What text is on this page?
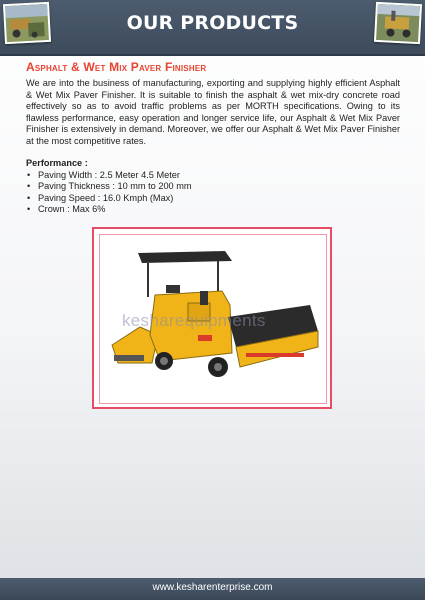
OUR PRODUCTS
Asphalt & Wet Mix Paver Finisher
We are into the business of manufacturing, exporting and supplying highly efficient Asphalt & Wet Mix Paver Finisher. It is suitable to finish the asphalt & wet mix-dry concrete road effectively so as to avoid traffic problems as per MORTH specifications. Owing to its flawless performance, easy operation and longer service life, our Asphalt & Wet Mix Paver Finisher is extensively in demand. Moreover, we offer our Asphalt & Wet Mix Paver Finisher at the most competitive rates.
Performance :
• Paving Width : 2.5 Meter 4.5 Meter
• Paving Thickness : 10 mm to 200 mm
• Paving Speed : 16.0 Kmph (Max)
• Crown : Max 6%
kesharequipments
www.kesharenterprise.com
